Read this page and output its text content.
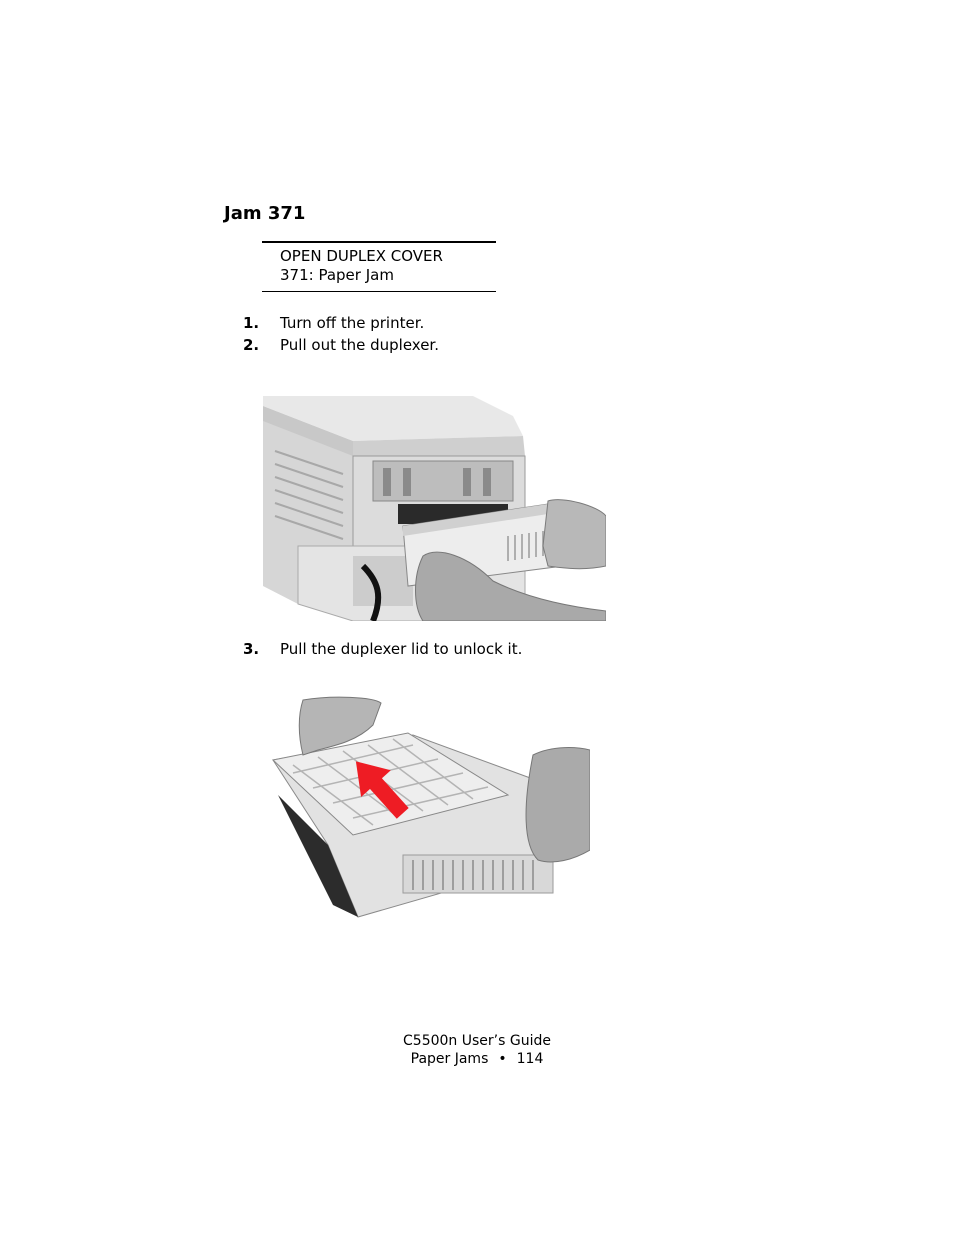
Jam 371
OPEN DUPLEX COVER
371: Paper Jam
1. Turn off the printer.
2. Pull out the duplexer.
3. Pull the duplexer lid to unlock it.
C5500n User’s Guide
Paper Jams • 114
